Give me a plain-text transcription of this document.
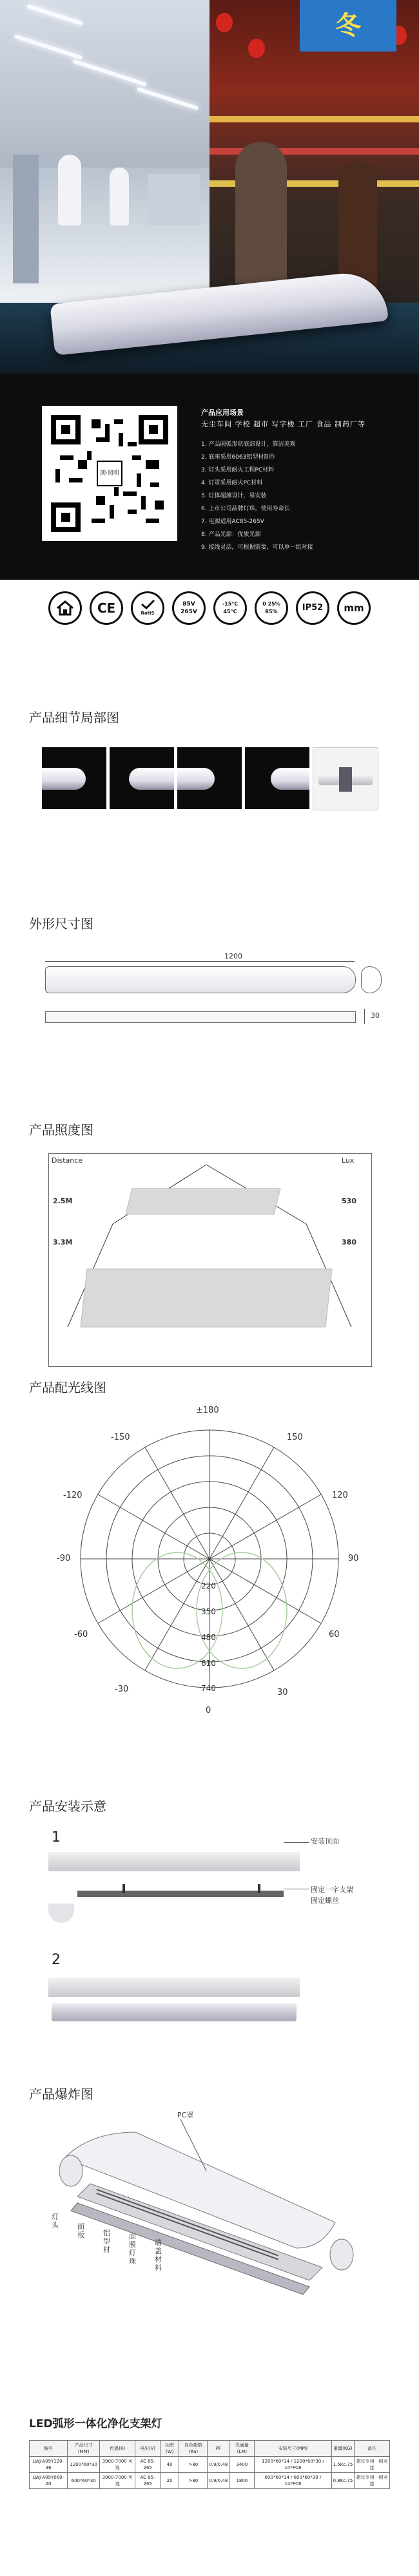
冬
朗·照明
产品应用场景
无尘车间 学校 超市 写字楼 工厂 食品 制药厂等
1. 产品圆弧形状底部设计，简洁美观
2. 底座采用6063铝型材制作
3. 灯头采用耐火工程PC材料
4. 灯罩采用耐火PC材料
5. 灯体超薄设计，易安装
6. 上市公司品牌灯珠，使用寿命长
7. 电源适用AC85-265V
8. 产品光源：优质光源
9. 接线灵活，可根据需要，可以单一组对接
CE	RoHS
85V 265V
-15°C 45°C
0 25% 85%	IP52	mm
产品细节局部图
外形尺寸图
1200
30
产品照度图
Distance	Lux
2.5M	530
3.3M	380
产品配光线图
±180
-150	150
-120	120
-90	90
-60	60
-30	30
0
220
350
480
610
740
产品安装示意
1	安装顶面
固定一字支架
固定螺丝
2
产品爆炸图
PC罩
灯头	面板	铝型材
面膜灯珠
端盖材料
LED弧形一体化净化支架灯
编号	产品尺寸(MM)	色温(K)	电压(V)	功率(W)	显色指数(Ra)	PF	光通量(LM)	安装尺寸(MM)	重量(KG)	备注
LWJ-A09Y120-36	1200*60*30	3900-7000 可选	AC 85-265	40	>80	0.9/0.48	3400	1200*60*14 / 1200*60*30 / 14*PC6	1.5Kc.75	建议专用一组对接
LWJ-A09Y060-20	600*60*30	3900-7000 可选	AC 85-265	20	>80	0.9/0.48	1800	600*60*14 / 600*60*30 / 14*PC6	0.8Kc.75	建议专用一组对接
